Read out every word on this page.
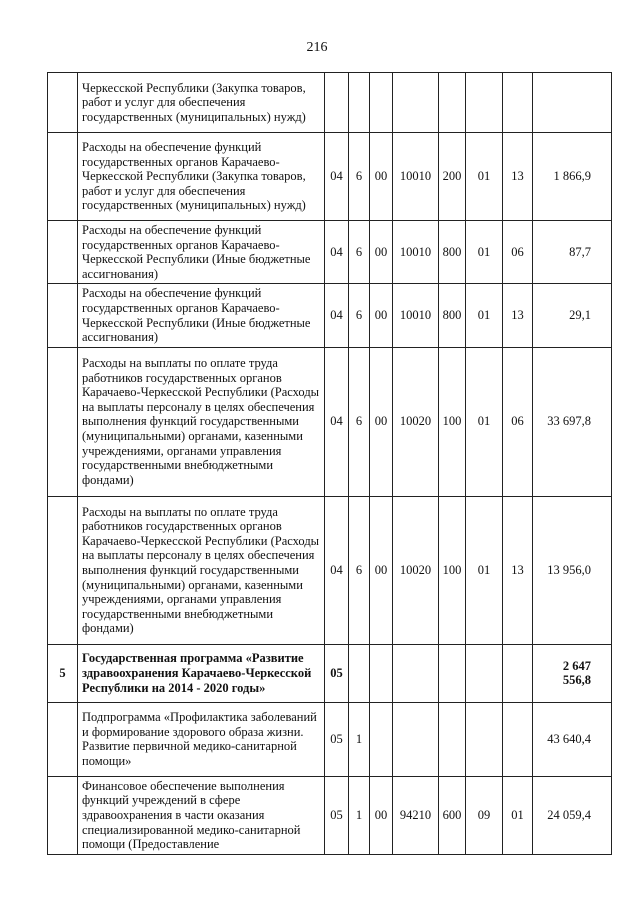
216
	Черкесской Республики (Закупка товаров, работ и услуг для обеспечения государственных (муниципальных) нужд)								
	Расходы на обеспечение функций государственных органов Карачаево-Черкесской Республики (Закупка товаров, работ и услуг для обеспечения государственных (муниципальных) нужд)	04	6	00	10010	200	01	13	1 866,9
	Расходы на обеспечение функций государственных органов Карачаево-Черкесской Республики (Иные бюджетные ассигнования)	04	6	00	10010	800	01	06	87,7
	Расходы на обеспечение функций государственных органов Карачаево-Черкесской Республики (Иные бюджетные ассигнования)	04	6	00	10010	800	01	13	29,1
	Расходы на выплаты по оплате труда работников государственных органов Карачаево-Черкесской Республики (Расходы на выплаты персоналу в целях обеспечения выполнения функций государственными (муниципальными) органами, казенными учреждениями, органами управления государственными внебюджетными фондами)	04	6	00	10020	100	01	06	33 697,8
	Расходы на выплаты по оплате труда работников государственных органов Карачаево-Черкесской Республики (Расходы на выплаты персоналу в целях обеспечения выполнения функций государственными (муниципальными) органами, казенными учреждениями, органами управления государственными внебюджетными фондами)	04	6	00	10020	100	01	13	13 956,0
5	Государственная программа «Развитие здравоохранения Карачаево-Черкесской Республики на 2014 - 2020 годы»	05							2 647 556,8
	Подпрограмма «Профилактика заболеваний и формирование здорового образа жизни. Развитие первичной медико-санитарной помощи»	05	1						43 640,4
	Финансовое обеспечение выполнения функций учреждений в сфере здравоохранения в части оказания специализированной медико-санитарной помощи (Предоставление	05	1	00	94210	600	09	01	24 059,4
